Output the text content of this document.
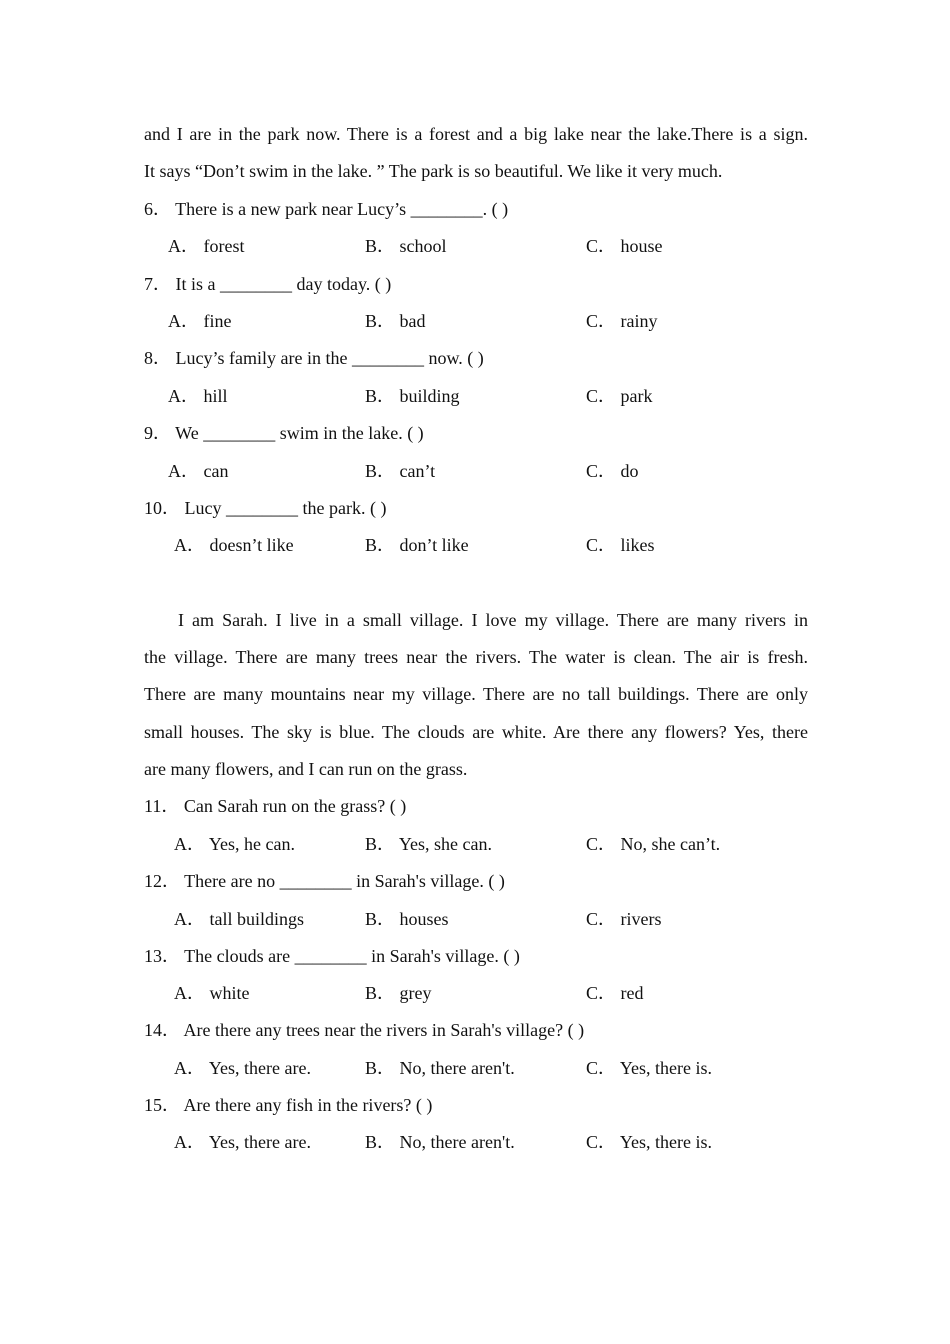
and I are in the park now. There is a forest and a big lake near the lake.There is a sign.
It says “Don’t swim in the lake. ” The park is so beautiful. We like it very much.
6． There is a new park near Lucy’s ________. ( )
A． forest	B． school	C． house
7． It is a ________ day today. ( )
A． fine	B． bad	C． rainy
8． Lucy’s family are in the ________ now. ( )
A． hill	B． building	C． park
9． We ________ swim in the lake. ( )
A． can	B． can’t	C． do
10． Lucy ________ the park. ( )
A． doesn’t like	B． don’t like	C． likes
I am Sarah. I live in a small village. I love my village. There are many rivers in
the village. There are many trees near the rivers. The water is clean. The air is fresh.
There are many mountains near my village. There are no tall buildings. There are only
small houses. The sky is blue. The clouds are white. Are there any flowers? Yes, there
are many flowers, and I can run on the grass.
11． Can Sarah run on the grass? ( )
A． Yes, he can.	B． Yes, she can.	C． No, she can’t.
12． There are no ________ in Sarah's village. ( )
A． tall buildings	B． houses	C． rivers
13． The clouds are ________ in Sarah's village. ( )
A． white	B． grey	C． red
14． Are there any trees near the rivers in Sarah's village? ( )
A． Yes, there are.	B． No, there aren't.	C． Yes, there is.
15． Are there any fish in the rivers? ( )
A． Yes, there are.	B． No, there aren't.	C． Yes, there is.
